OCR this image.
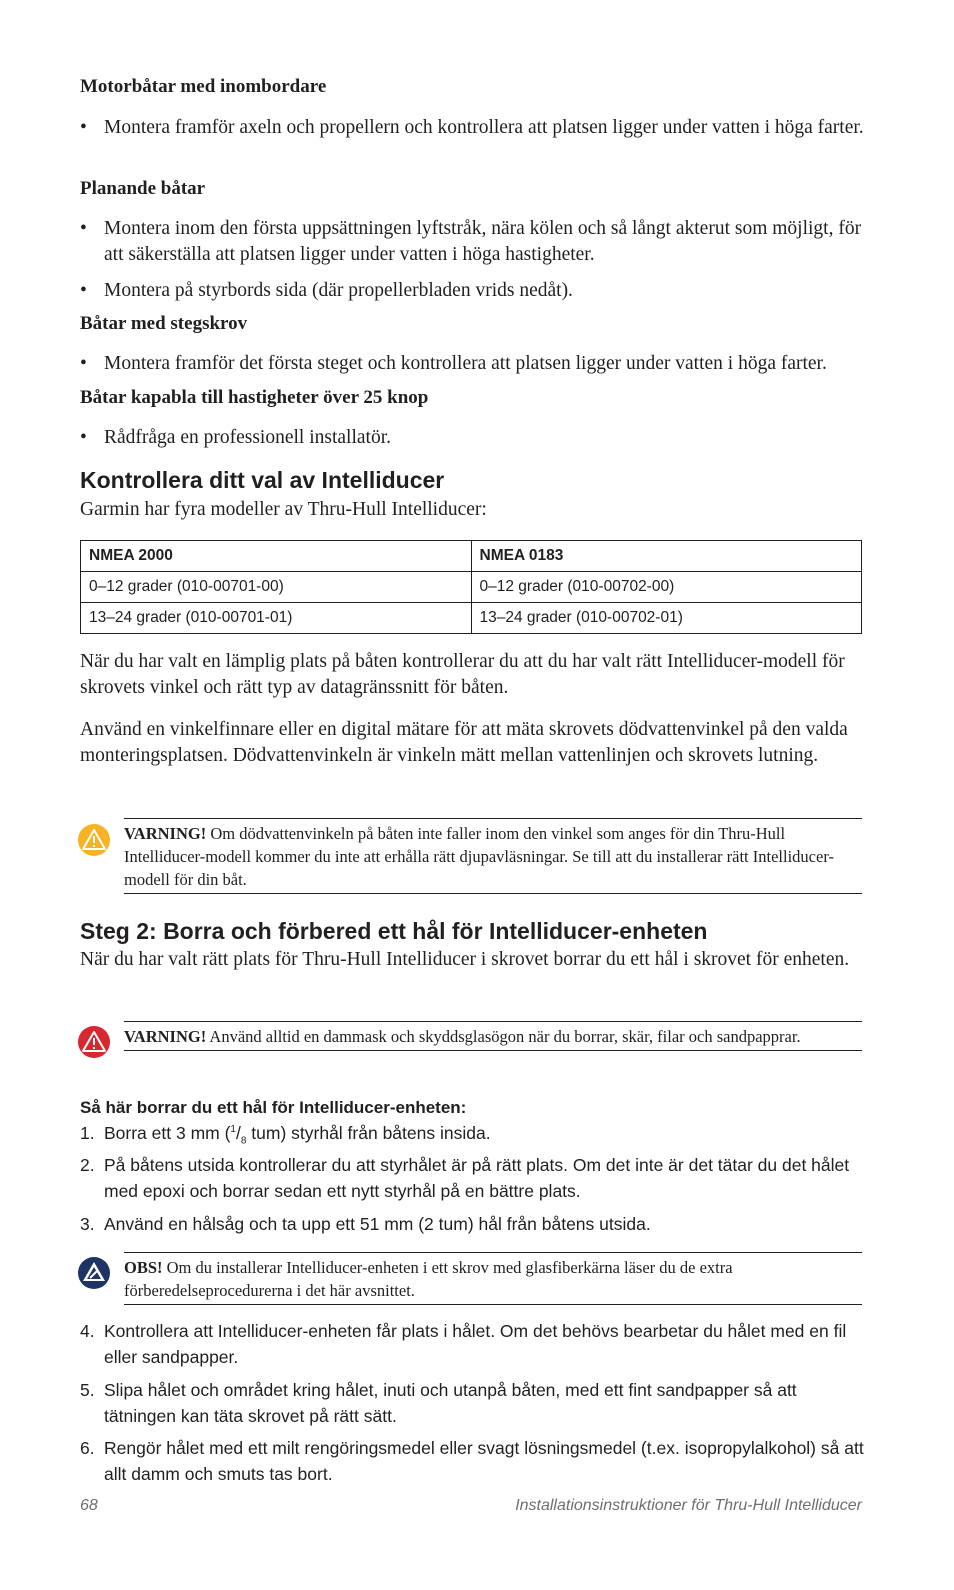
Motorbåtar med inombordare
• Montera framför axeln och propellern och kontrollera att platsen ligger under vatten i höga farter.
Planande båtar
• Montera inom den första uppsättningen lyftstråk, nära kölen och så långt akterut som möjligt, för att säkerställa att platsen ligger under vatten i höga hastigheter.
• Montera på styrbords sida (där propellerbladen vrids nedåt).
Båtar med stegskrov
• Montera framför det första steget och kontrollera att platsen ligger under vatten i höga farter.
Båtar kapabla till hastigheter över 25 knop
• Rådfråga en professionell installatör.
Kontrollera ditt val av Intelliducer
Garmin har fyra modeller av Thru-Hull Intelliducer:
NMEA 2000	NMEA 0183
0–12 grader (010-00701-00)	0–12 grader (010-00702-00)
13–24 grader (010-00701-01)	13–24 grader (010-00702-01)
När du har valt en lämplig plats på båten kontrollerar du att du har valt rätt Intelliducer-modell för skrovets vinkel och rätt typ av datagränssnitt för båten.
Använd en vinkelfinnare eller en digital mätare för att mäta skrovets dödvattenvinkel på den valda monteringsplatsen. Dödvattenvinkeln är vinkeln mätt mellan vattenlinjen och skrovets lutning.
VARNING! Om dödvattenvinkeln på båten inte faller inom den vinkel som anges för din Thru-Hull Intelliducer-modell kommer du inte att erhålla rätt djupavläsningar. Se till att du installerar rätt Intelliducer-modell för din båt.
Steg 2: Borra och förbered ett hål för Intelliducer-enheten
När du har valt rätt plats för Thru-Hull Intelliducer i skrovet borrar du ett hål i skrovet för enheten.
VARNING! Använd alltid en dammask och skyddsglasögon när du borrar, skär, filar och sandpapprar.
Så här borrar du ett hål för Intelliducer-enheten:
1. Borra ett 3 mm ($^1/_8$ tum) styrhål från båtens insida.
2. På båtens utsida kontrollerar du att styrhålet är på rätt plats. Om det inte är det tätar du det hålet med epoxi och borrar sedan ett nytt styrhål på en bättre plats.
3. Använd en hålsåg och ta upp ett 51 mm (2 tum) hål från båtens utsida.
OBS! Om du installerar Intelliducer-enheten i ett skrov med glasfiberkärna läser du de extra förberedelseprocedurerna i det här avsnittet.
4. Kontrollera att Intelliducer-enheten får plats i hålet. Om det behövs bearbetar du hålet med en fil eller sandpapper.
5. Slipa hålet och området kring hålet, inuti och utanpå båten, med ett fint sandpapper så att tätningen kan täta skrovet på rätt sätt.
6. Rengör hålet med ett milt rengöringsmedel eller svagt lösningsmedel (t.ex. isopropylalkohol) så att allt damm och smuts tas bort.
68	Installationsinstruktioner för Thru-Hull Intelliducer
